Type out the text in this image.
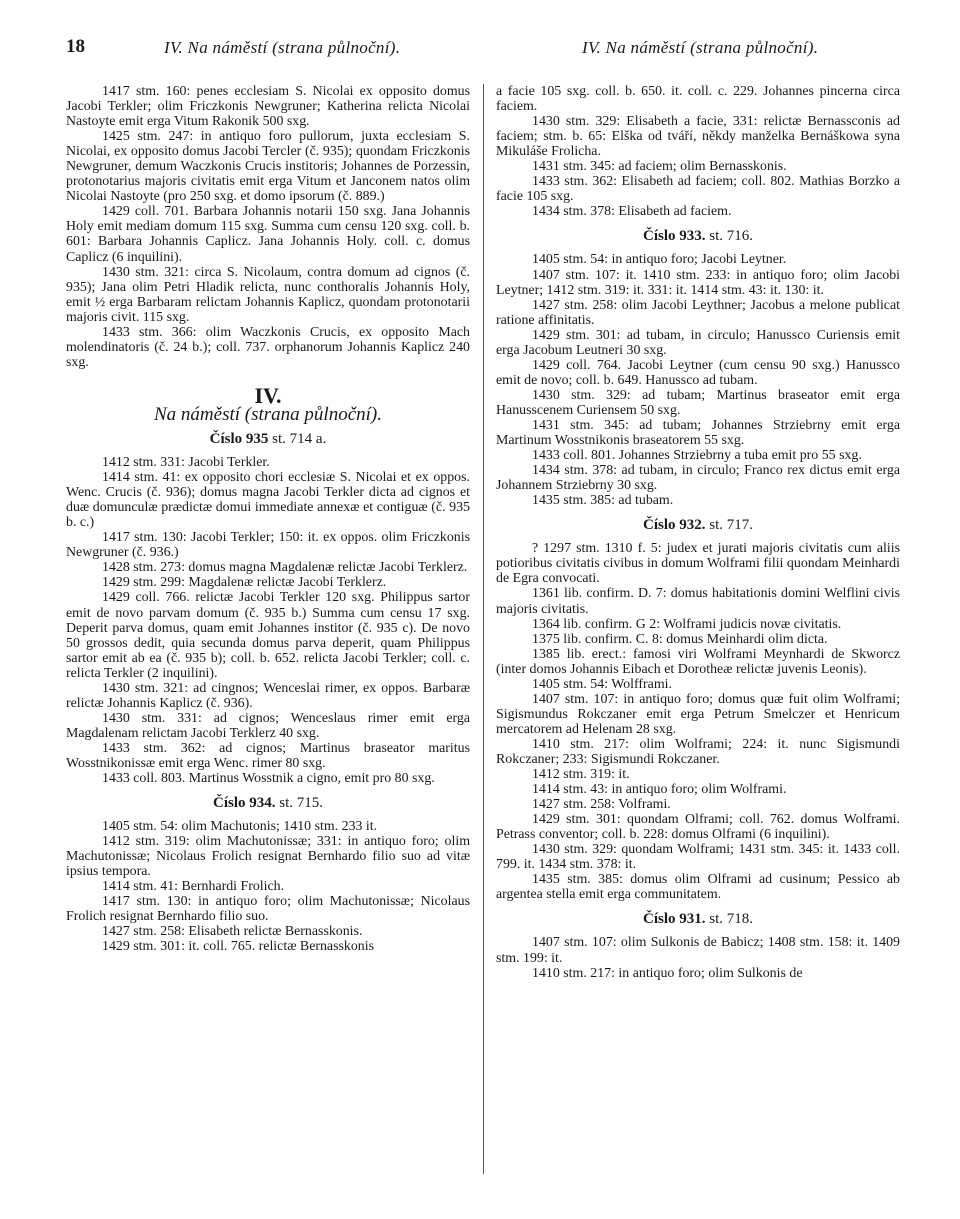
18	IV. Na náměstí (strana půlnoční).	IV. Na náměstí (strana půlnoční).

1417 stm. 160: penes ecclesiam S. Nicolai ex opposito domus Jacobi Terkler; olim Friczkonis Newgruner; Katherina relicta Nicolai Nastoyte emit erga Vitum Rakonik 500 sxg.

1425 stm. 247: in antiquo foro pullorum, juxta ecclesiam S. Nicolai, ex opposito domus Jacobi Tercler (č. 935); quondam Friczkonis Newgruner, demum Waczkonis Crucis institoris; Johannes de Porzessin, protonotarius majoris civitatis emit erga Vitum et Janconem natos olim Nicolai Nastoyte (pro 250 sxg. et domo ipsorum (č. 889.)

1429 coll. 701. Barbara Johannis notarii 150 sxg. Jana Johannis Holy emit mediam domum 115 sxg. Summa cum censu 120 sxg. coll. b. 601: Barbara Johannis Caplicz. Jana Johannis Holy. coll. c. domus Caplicz (6 inquilini).

1430 stm. 321: circa S. Nicolaum, contra domum ad cignos (č. 935); Jana olim Petri Hladik relicta, nunc conthoralis Johannis Holy, emit ½ erga Barbaram relictam Johannis Kaplicz, quondam protonotarii majoris civit. 115 sxg.

1433 stm. 366: olim Waczkonis Crucis, ex opposito Mach molendinatoris (č. 24 b.); coll. 737. orphanorum Johannis Kaplicz 240 sxg.

IV.
Na náměstí (strana půlnoční).
Číslo 935 st. 714 a.

1412 stm. 331: Jacobi Terkler.

1414 stm. 41: ex opposito chori ecclesiæ S. Nicolai et ex oppos. Wenc. Crucis (č. 936); domus magna Jacobi Terkler dicta ad cignos et duæ domunculæ prædictæ domui immediate annexæ et contiguæ (č. 935 b. c.)

1417 stm. 130: Jacobi Terkler; 150: it. ex oppos. olim Friczkonis Newgruner (č. 936.)

1428 stm. 273: domus magna Magdalenæ relictæ Jacobi Terklerz.

1429 stm. 299: Magdalenæ relictæ Jacobi Terklerz.

1429 coll. 766. relictæ Jacobi Terkler 120 sxg. Philippus sartor emit de novo parvam domum (č. 935 b.) Summa cum censu 17 sxg. Deperit parva domus, quam emit Johannes institor (č. 935 c). De novo 50 grossos dedit, quia secunda domus parva deperit, quam Philippus sartor emit ab ea (č. 935 b); coll. b. 652. relicta Jacobi Terkler; coll. c. relicta Terkler (2 inquilini).

1430 stm. 321: ad cingnos; Wenceslai rimer, ex oppos. Barbaræ relictæ Johannis Kaplicz (č. 936).

1430 stm. 331: ad cignos; Wenceslaus rimer emit erga Magdalenam relictam Jacobi Terklerz 40 sxg.

1433 stm. 362: ad cignos; Martinus braseator maritus Wosstnikonissæ emit erga Wenc. rimer 80 sxg.

1433 coll. 803. Martinus Wosstnik a cigno, emit pro 80 sxg.

Číslo 934. st. 715.

1405 stm. 54: olim Machutonis; 1410 stm. 233 it.

1412 stm. 319: olim Machutonissæ; 331: in antiquo foro; olim Machutonissæ; Nicolaus Frolich resignat Bernhardo filio suo ad vitæ ipsius tempora.

1414 stm. 41: Bernhardi Frolich.

1417 stm. 130: in antiquo foro; olim Machutonissæ; Nicolaus Frolich resignat Bernhardo filio suo.

1427 stm. 258: Elisabeth relictæ Bernasskonis.

1429 stm. 301: it. coll. 765. relictæ Bernasskonis

a facie 105 sxg. coll. b. 650. it. coll. c. 229. Johannes pincerna circa faciem.

1430 stm. 329: Elisabeth a facie, 331: relictæ Bernassconis ad faciem; stm. b. 65: Elška od tváří, někdy manželka Bernáškowa syna Mikuláše Frolicha.

1431 stm. 345: ad faciem; olim Bernasskonis.

1433 stm. 362: Elisabeth ad faciem; coll. 802. Mathias Borzko a facie 105 sxg.

1434 stm. 378: Elisabeth ad faciem.

Číslo 933. st. 716.

1405 stm. 54: in antiquo foro; Jacobi Leytner.

1407 stm. 107: it. 1410 stm. 233: in antiquo foro; olim Jacobi Leytner; 1412 stm. 319: it. 331: it. 1414 stm. 43: it. 130: it.

1427 stm. 258: olim Jacobi Leythner; Jacobus a melone publicat ratione affinitatis.

1429 stm. 301: ad tubam, in circulo; Hanussco Curiensis emit erga Jacobum Leutneri 30 sxg.

1429 coll. 764. Jacobi Leytner (cum censu 90 sxg.) Hanussco emit de novo; coll. b. 649. Hanussco ad tubam.

1430 stm. 329: ad tubam; Martinus braseator emit erga Hanusscenem Curiensem 50 sxg.

1431 stm. 345: ad tubam; Johannes Strziebrny emit erga Martinum Wosstnikonis braseatorem 55 sxg.

1433 coll. 801. Johannes Strziebrny a tuba emit pro 55 sxg.

1434 stm. 378: ad tubam, in circulo; Franco rex dictus emit erga Johannem Strziebrny 30 sxg.

1435 stm. 385: ad tubam.

Číslo 932. st. 717.

? 1297 stm. 1310 f. 5: judex et jurati majoris civitatis cum aliis potioribus civitatis civibus in domum Wolframi filii quondam Meinhardi de Egra convocati.

1361 lib. confirm. D. 7: domus habitationis domini Welflini civis majoris civitatis.

1364 lib. confirm. G 2: Wolframi judicis novæ civitatis.

1375 lib. confirm. C. 8: domus Meinhardi olim dicta.

1385 lib. erect.: famosi viri Wolframi Meynhardi de Skworcz (inter domos Johannis Eibach et Dorotheæ relictæ juvenis Leonis).

1405 stm. 54: Wolfframi.

1407 stm. 107: in antiquo foro; domus quæ fuit olim Wolframi; Sigismundus Rokczaner emit erga Petrum Smelczer et Henricum mercatorem ad Helenam 28 sxg.

1410 stm. 217: olim Wolframi; 224: it. nunc Sigismundi Rokczaner; 233: Sigismundi Rokczaner.

1412 stm. 319: it.

1414 stm. 43: in antiquo foro; olim Wolframi.

1427 stm. 258: Volframi.

1429 stm. 301: quondam Olframi; coll. 762. domus Wolframi. Petrass conventor; coll. b. 228: domus Olframi (6 inquilini).

1430 stm. 329: quondam Wolframi; 1431 stm. 345: it. 1433 coll. 799. it. 1434 stm. 378: it.

1435 stm. 385: domus olim Olframi ad cusinum; Pessico ab argentea stella emit erga communitatem.

Číslo 931. st. 718.

1407 stm. 107: olim Sulkonis de Babicz; 1408 stm. 158: it. 1409 stm. 199: it.

1410 stm. 217: in antiquo foro; olim Sulkonis de
